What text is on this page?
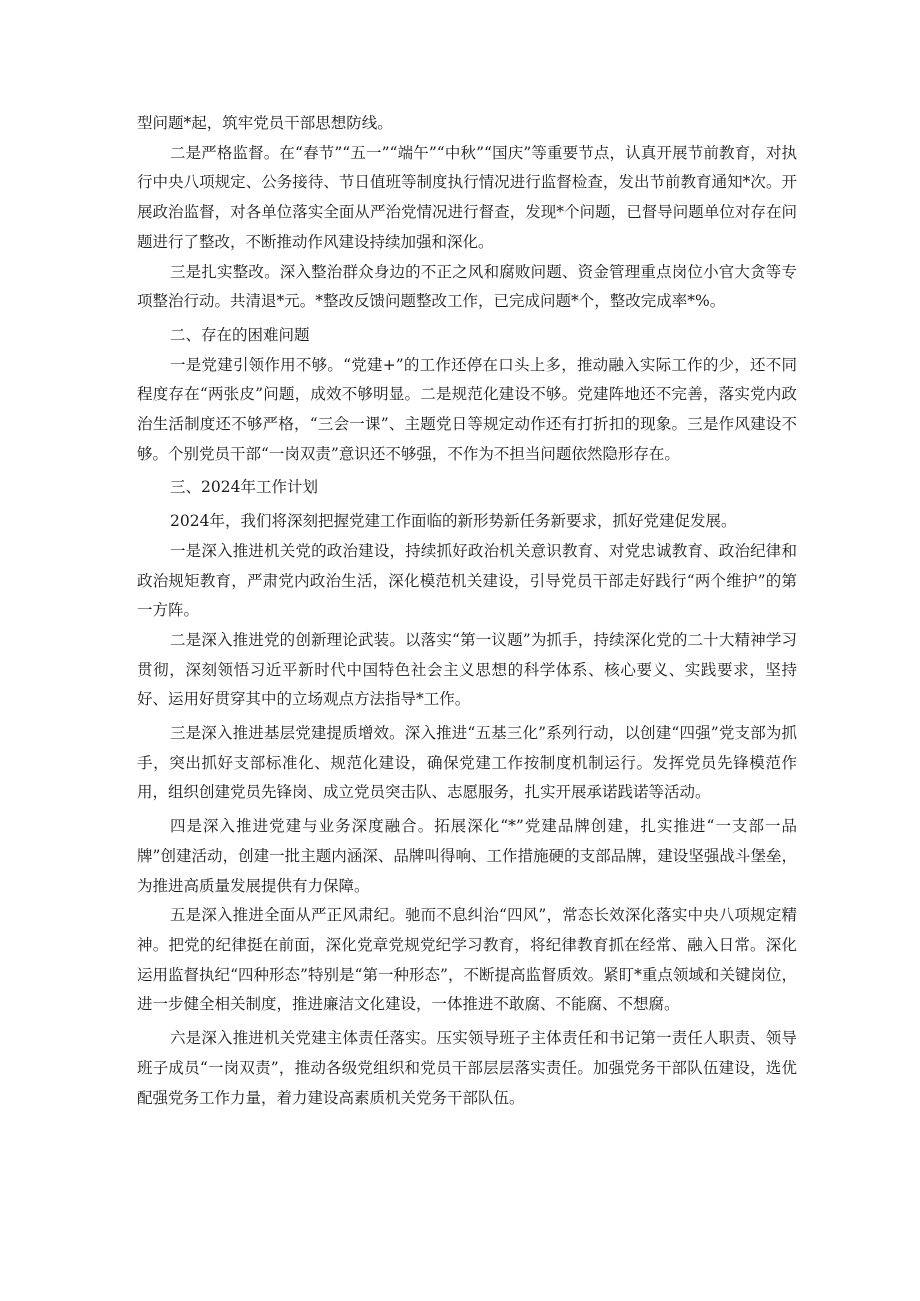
型问题*起，筑牢党员干部思想防线。

二是严格监督。在“春节”“五一”“端午”“中秋”“国庆”等重要节点，认真开展节前教育，对执行中央八项规定、公务接待、节日值班等制度执行情况进行监督检查，发出节前教育通知*次。开展政治监督，对各单位落实全面从严治党情况进行督查，发现*个问题，已督导问题单位对存在问题进行了整改，不断推动作风建设持续加强和深化。

三是扎实整改。深入整治群众身边的不正之风和腐败问题、资金管理重点岗位小官大贪等专项整治行动。共清退*元。*整改反馈问题整改工作，已完成问题*个，整改完成率*%。

二、存在的困难问题

一是党建引领作用不够。“党建+”的工作还停在口头上多，推动融入实际工作的少，还不同程度存在“两张皮”问题，成效不够明显。二是规范化建设不够。党建阵地还不完善，落实党内政治生活制度还不够严格，“三会一课”、主题党日等规定动作还有打折扣的现象。三是作风建设不够。个别党员干部“一岗双责”意识还不够强，不作为不担当问题依然隐形存在。

三、2024年工作计划

2024年，我们将深刻把握党建工作面临的新形势新任务新要求，抓好党建促发展。

一是深入推进机关党的政治建设，持续抓好政治机关意识教育、对党忠诚教育、政治纪律和政治规矩教育，严肃党内政治生活，深化模范机关建设，引导党员干部走好践行“两个维护”的第一方阵。

二是深入推进党的创新理论武装。以落实“第一议题”为抓手，持续深化党的二十大精神学习贯彻，深刻领悟习近平新时代中国特色社会主义思想的科学体系、核心要义、实践要求，坚持好、运用好贯穿其中的立场观点方法指导*工作。

三是深入推进基层党建提质增效。深入推进“五基三化”系列行动，以创建“四强”党支部为抓手，突出抓好支部标准化、规范化建设，确保党建工作按制度机制运行。发挥党员先锋模范作用，组织创建党员先锋岗、成立党员突击队、志愿服务，扎实开展承诺践诺等活动。

四是深入推进党建与业务深度融合。拓展深化“*”党建品牌创建，扎实推进“一支部一品牌”创建活动，创建一批主题内涵深、品牌叫得响、工作措施硬的支部品牌，建设坚强战斗堡垒，为推进高质量发展提供有力保障。

五是深入推进全面从严正风肃纪。驰而不息纠治“四风”，常态长效深化落实中央八项规定精神。把党的纪律挺在前面，深化党章党规党纪学习教育，将纪律教育抓在经常、融入日常。深化运用监督执纪“四种形态”特别是“第一种形态”，不断提高监督质效。紧盯*重点领域和关键岗位，进一步健全相关制度，推进廉洁文化建设，一体推进不敢腐、不能腐、不想腐。

六是深入推进机关党建主体责任落实。压实领导班子主体责任和书记第一责任人职责、领导班子成员“一岗双责”，推动各级党组织和党员干部层层落实责任。加强党务干部队伍建设，选优配强党务工作力量，着力建设高素质机关党务干部队伍。
